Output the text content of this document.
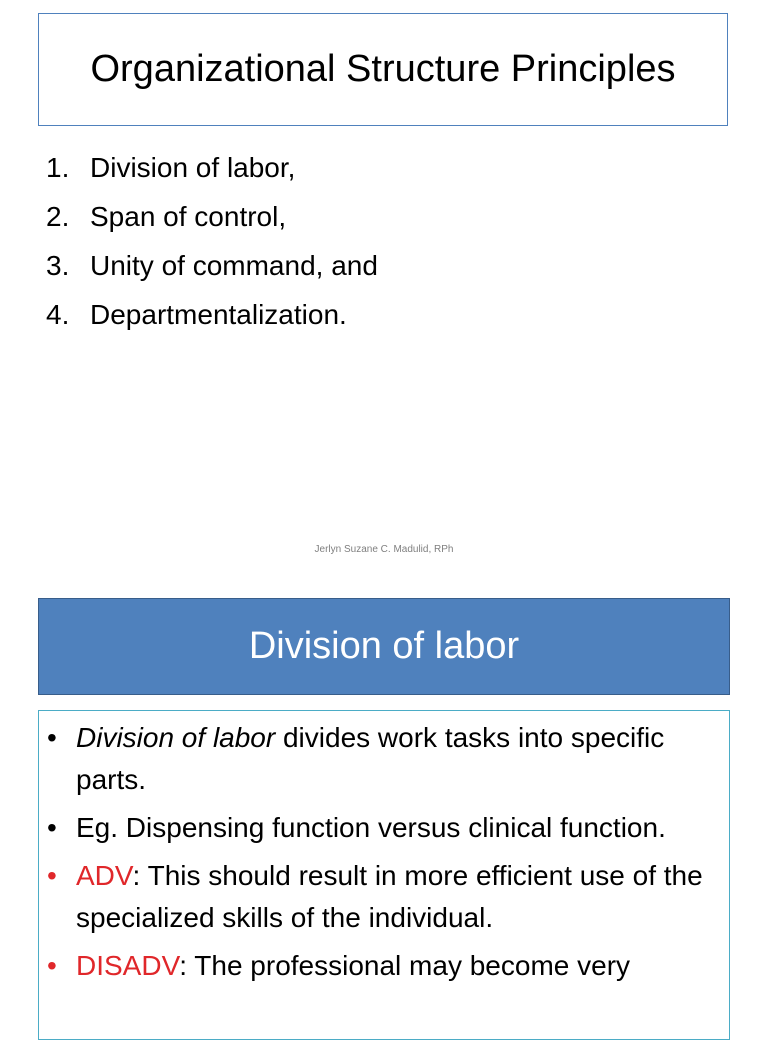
Organizational Structure Principles
1. Division of labor,
2. Span of control,
3. Unity of command, and
4. Departmentalization.
Jerlyn Suzane C. Madulid, RPh
Division of labor
• Division of labor divides work tasks into specific parts.
• Eg. Dispensing function versus clinical function.
• ADV: This should result in more efficient use of the specialized skills of the individual.
• DISADV: The professional may become very
